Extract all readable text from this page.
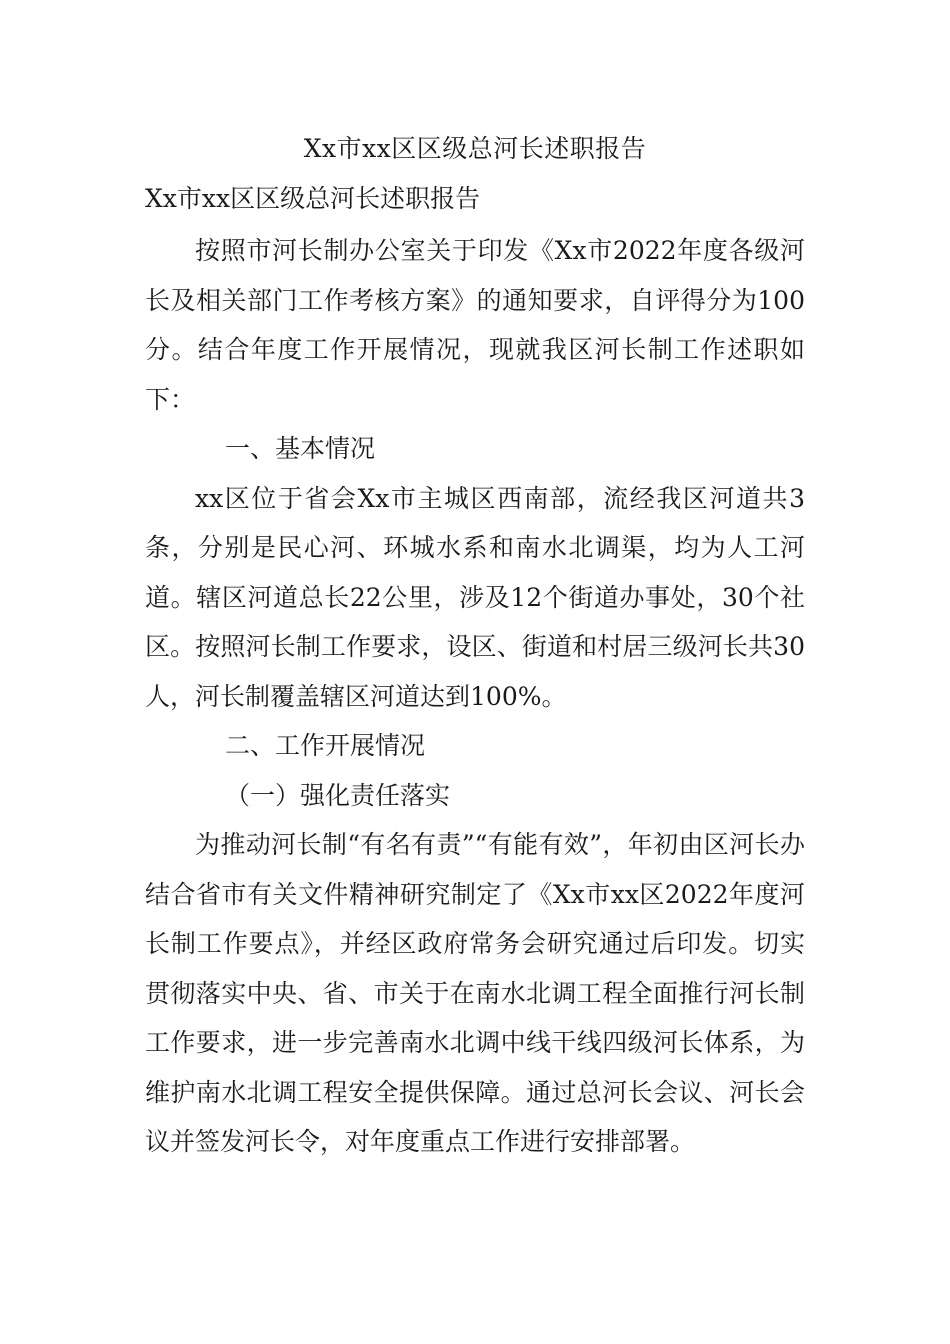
Xx市xx区区级总河长述职报告
Xx市xx区区级总河长述职报告

按照市河长制办公室关于印发《Xx市2022年度各级河长及相关部门工作考核方案》的通知要求，自评得分为100分。结合年度工作开展情况，现就我区河长制工作述职如下：

一、基本情况

xx区位于省会Xx市主城区西南部，流经我区河道共3条，分别是民心河、环城水系和南水北调渠，均为人工河道。辖区河道总长22公里，涉及12个街道办事处，30个社区。按照河长制工作要求，设区、街道和村居三级河长共30人，河长制覆盖辖区河道达到100%。

二、工作开展情况

（一）强化责任落实

为推动河长制“有名有责”“有能有效”，年初由区河长办结合省市有关文件精神研究制定了《Xx市xx区2022年度河长制工作要点》，并经区政府常务会研究通过后印发。切实贯彻落实中央、省、市关于在南水北调工程全面推行河长制工作要求，进一步完善南水北调中线干线四级河长体系，为维护南水北调工程安全提供保障。通过总河长会议、河长会议并签发河长令，对年度重点工作进行安排部署。
